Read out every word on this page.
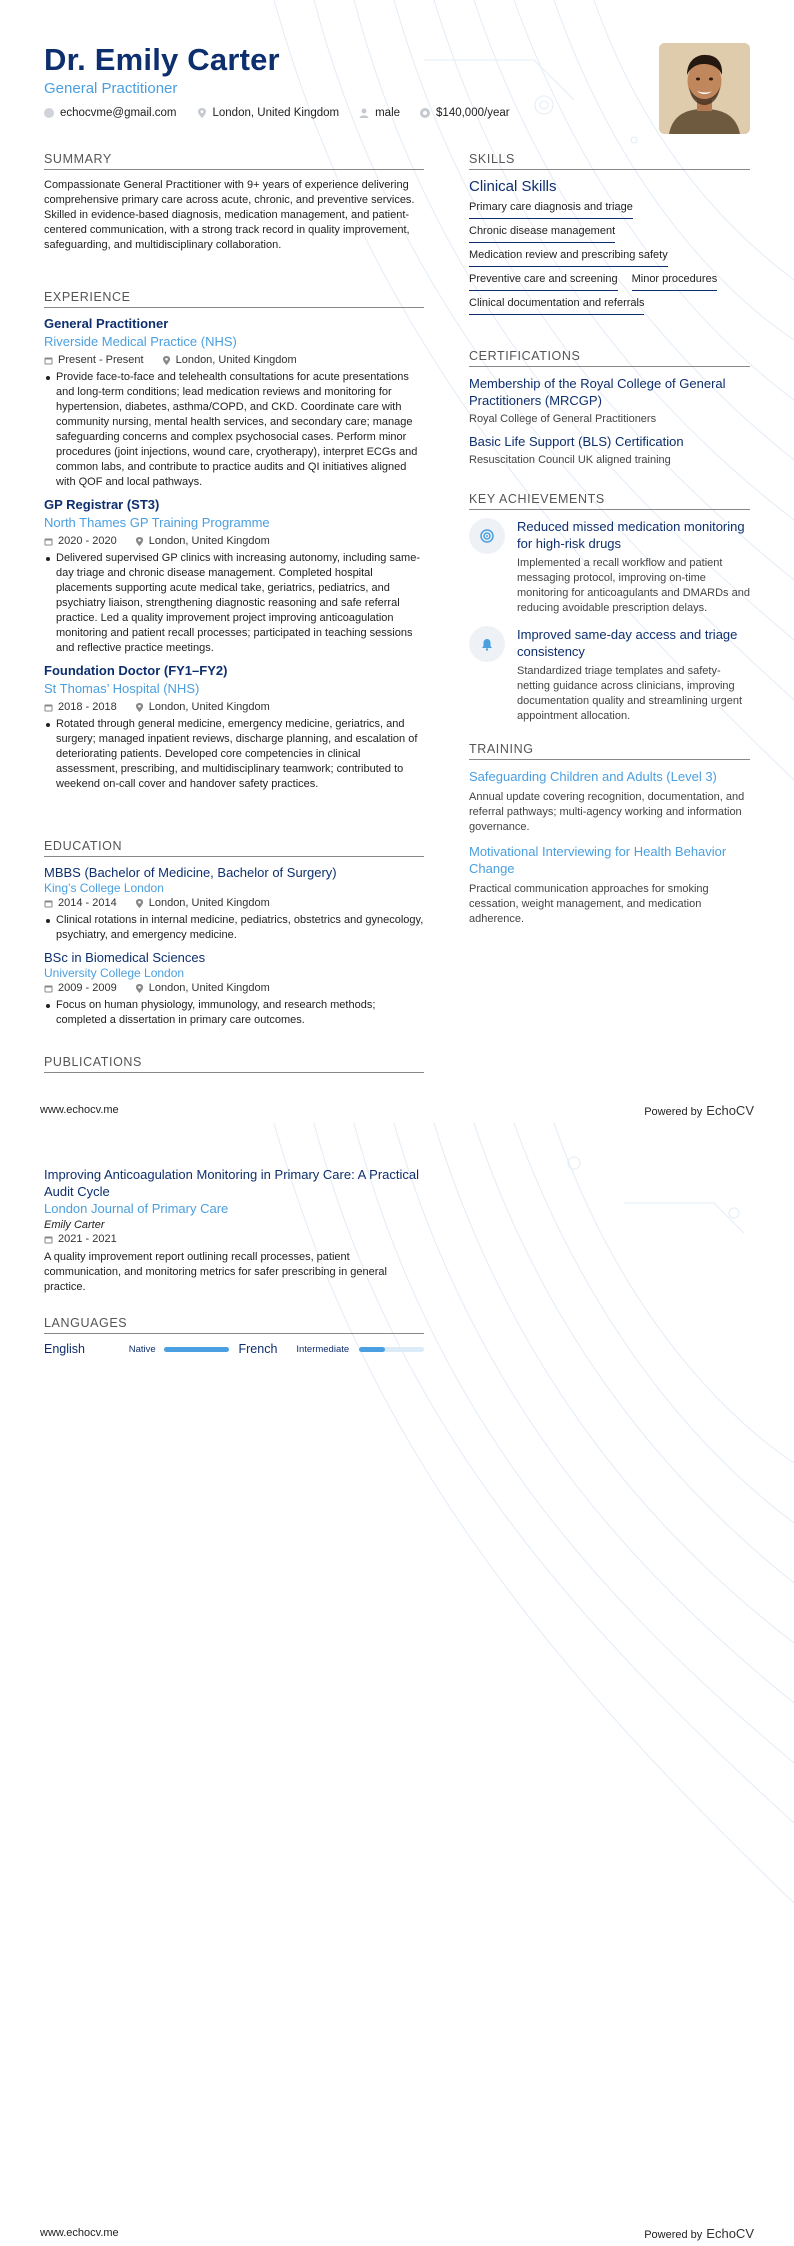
Dr. Emily Carter
General Practitioner
echocvme@gmail.com	London, United Kingdom	male	$140,000/year
SUMMARY
Compassionate General Practitioner with 9+ years of experience delivering comprehensive primary care across acute, chronic, and preventive services. Skilled in evidence-based diagnosis, medication management, and patient-centered communication, with a strong track record in quality improvement, safeguarding, and multidisciplinary collaboration.
EXPERIENCE
General Practitioner
Riverside Medical Practice (NHS)
Present - Present	London, United Kingdom
Provide face-to-face and telehealth consultations for acute presentations and long-term conditions; lead medication reviews and monitoring for hypertension, diabetes, asthma/COPD, and CKD. Coordinate care with community nursing, mental health services, and secondary care; manage safeguarding concerns and complex psychosocial cases. Perform minor procedures (joint injections, wound care, cryotherapy), interpret ECGs and common labs, and contribute to practice audits and QI initiatives aligned with QOF and local pathways.
GP Registrar (ST3)
North Thames GP Training Programme
2020 - 2020	London, United Kingdom
Delivered supervised GP clinics with increasing autonomy, including same-day triage and chronic disease management. Completed hospital placements supporting acute medical take, geriatrics, pediatrics, and psychiatry liaison, strengthening diagnostic reasoning and safe referral practice. Led a quality improvement project improving anticoagulation monitoring and patient recall processes; participated in teaching sessions and reflective practice meetings.
Foundation Doctor (FY1–FY2)
St Thomas’ Hospital (NHS)
2018 - 2018	London, United Kingdom
Rotated through general medicine, emergency medicine, geriatrics, and surgery; managed inpatient reviews, discharge planning, and escalation of deteriorating patients. Developed core competencies in clinical assessment, prescribing, and multidisciplinary teamwork; contributed to weekend on-call cover and handover safety practices.
EDUCATION
MBBS (Bachelor of Medicine, Bachelor of Surgery)
King’s College London
2014 - 2014	London, United Kingdom
Clinical rotations in internal medicine, pediatrics, obstetrics and gynecology, psychiatry, and emergency medicine.
BSc in Biomedical Sciences
University College London
2009 - 2009	London, United Kingdom
Focus on human physiology, immunology, and research methods; completed a dissertation in primary care outcomes.
PUBLICATIONS
SKILLS
Clinical Skills
Primary care diagnosis and triage
Chronic disease management
Medication review and prescribing safety
Preventive care and screening Minor procedures
Clinical documentation and referrals
CERTIFICATIONS
Membership of the Royal College of General Practitioners (MRCGP)
Royal College of General Practitioners
Basic Life Support (BLS) Certification
Resuscitation Council UK aligned training
KEY ACHIEVEMENTS
Reduced missed medication monitoring for high-risk drugs
Implemented a recall workflow and patient messaging protocol, improving on-time monitoring for anticoagulants and DMARDs and reducing avoidable prescription delays.
Improved same-day access and triage consistency
Standardized triage templates and safety-netting guidance across clinicians, improving documentation quality and streamlining urgent appointment allocation.
TRAINING
Safeguarding Children and Adults (Level 3)
Annual update covering recognition, documentation, and referral pathways; multi-agency working and information governance.
Motivational Interviewing for Health Behavior Change
Practical communication approaches for smoking cessation, weight management, and medication adherence.
www.echocv.me	Powered by EchoCV
Improving Anticoagulation Monitoring in Primary Care: A Practical Audit Cycle
London Journal of Primary Care
Emily Carter
2021 - 2021
A quality improvement report outlining recall processes, patient communication, and monitoring metrics for safer prescribing in general practice.
LANGUAGES
English	Native	French	Intermediate
www.echocv.me	Powered by EchoCV
